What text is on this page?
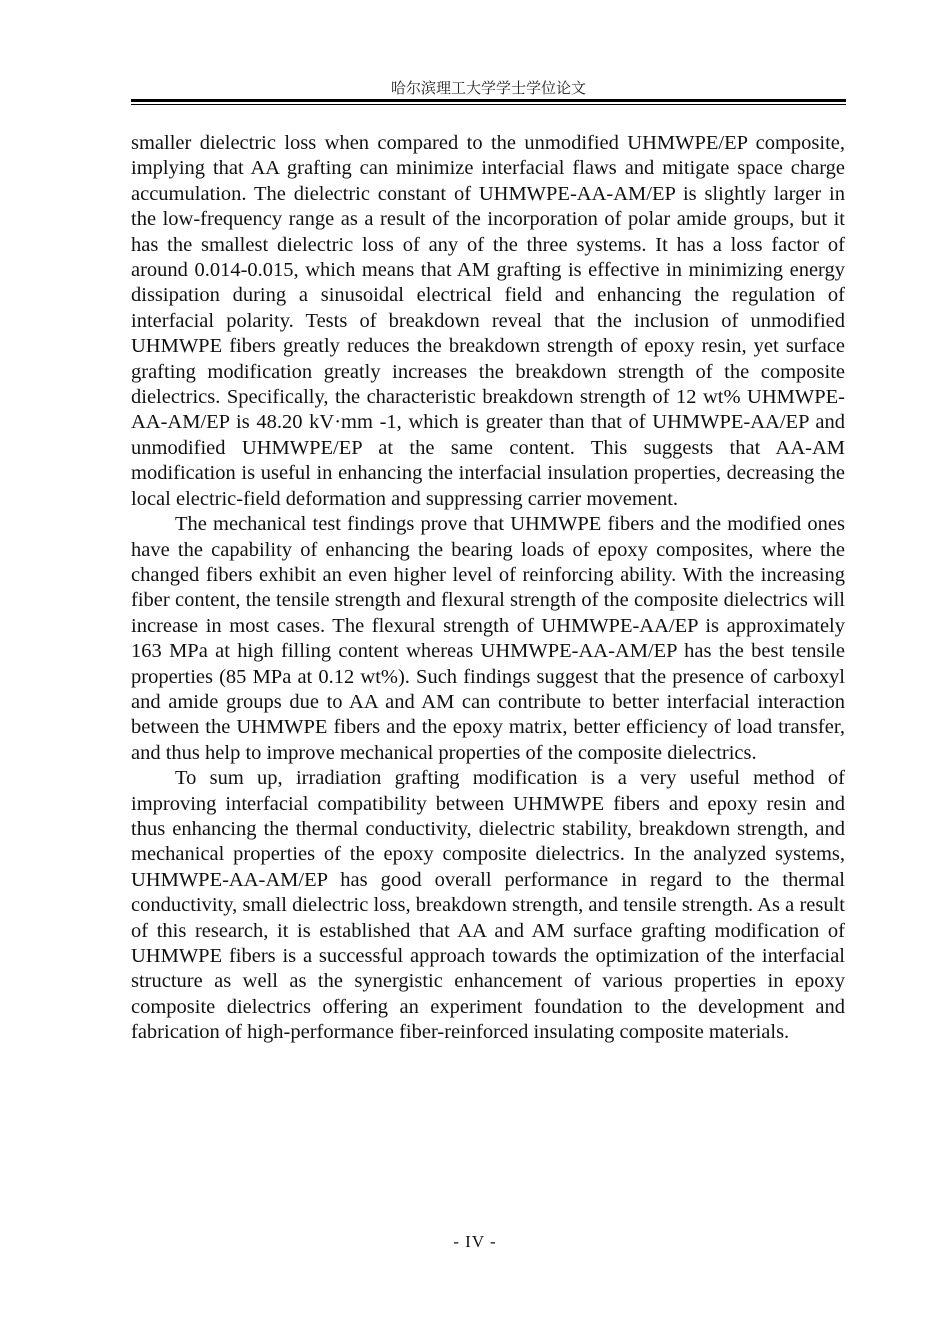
哈尔滨理工大学学士学位论文

smaller dielectric loss when compared to the unmodified UHMWPE/EP composite, implying that AA grafting can minimize interfacial flaws and mitigate space charge accumulation. The dielectric constant of UHMWPE-AA-AM/EP is slightly larger in the low-frequency range as a result of the incorporation of polar amide groups, but it has the smallest dielectric loss of any of the three systems. It has a loss factor of around 0.014-0.015, which means that AM grafting is effective in minimizing energy dissipation during a sinusoidal electrical field and enhancing the regulation of interfacial polarity. Tests of breakdown reveal that the inclusion of unmodified UHMWPE fibers greatly reduces the breakdown strength of epoxy resin, yet surface grafting modification greatly increases the breakdown strength of the composite dielectrics. Specifically, the characteristic breakdown strength of 12 wt% UHMWPE-AA-AM/EP is 48.20 kV·mm -1, which is greater than that of UHMWPE-AA/EP and unmodified UHMWPE/EP at the same content. This suggests that AA-AM modification is useful in enhancing the interfacial insulation properties, decreasing the local electric-field deformation and suppressing carrier movement.

The mechanical test findings prove that UHMWPE fibers and the modified ones have the capability of enhancing the bearing loads of epoxy composites, where the changed fibers exhibit an even higher level of reinforcing ability. With the increasing fiber content, the tensile strength and flexural strength of the composite dielectrics will increase in most cases. The flexural strength of UHMWPE-AA/EP is approximately 163 MPa at high filling content whereas UHMWPE-AA-AM/EP has the best tensile properties (85 MPa at 0.12 wt%). Such findings suggest that the presence of carboxyl and amide groups due to AA and AM can contribute to better interfacial interaction between the UHMWPE fibers and the epoxy matrix, better efficiency of load transfer, and thus help to improve mechanical properties of the composite dielectrics.

To sum up, irradiation grafting modification is a very useful method of improving interfacial compatibility between UHMWPE fibers and epoxy resin and thus enhancing the thermal conductivity, dielectric stability, breakdown strength, and mechanical properties of the epoxy composite dielectrics. In the analyzed systems, UHMWPE-AA-AM/EP has good overall performance in regard to the thermal conductivity, small dielectric loss, breakdown strength, and tensile strength. As a result of this research, it is established that AA and AM surface grafting modification of UHMWPE fibers is a successful approach towards the optimization of the interfacial structure as well as the synergistic enhancement of various properties in epoxy composite dielectrics offering an experiment foundation to the development and fabrication of high-performance fiber-reinforced insulating composite materials.

- IV -
